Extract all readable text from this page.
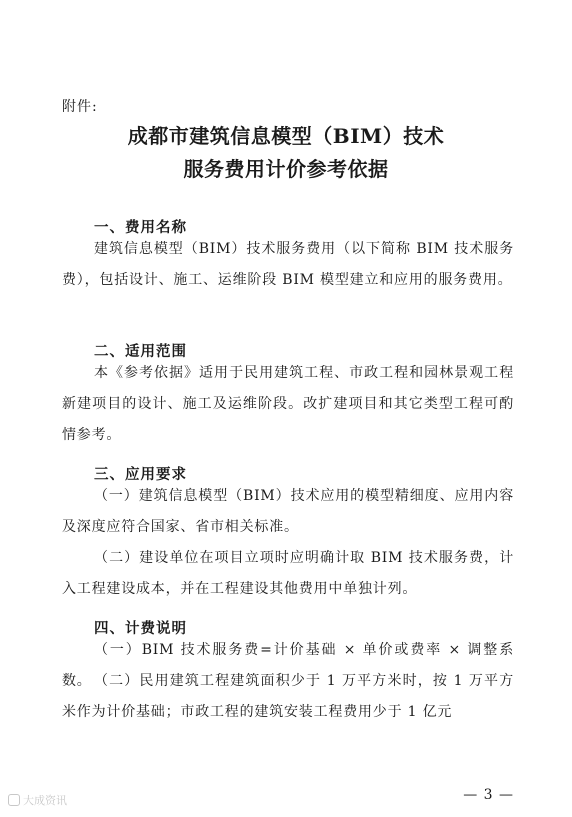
附件:
成都市建筑信息模型（BIM）技术
服务费用计价参考依据
一、费用名称

建筑信息模型（BIM）技术服务费用（以下简称 BIM 技术服务费），包括设计、施工、运维阶段 BIM 模型建立和应用的服务费用。

二、适用范围

本《参考依据》适用于民用建筑工程、市政工程和园林景观工程新建项目的设计、施工及运维阶段。改扩建项目和其它类型工程可酌情参考。

三、应用要求

（一）建筑信息模型（BIM）技术应用的模型精细度、应用内容及深度应符合国家、省市相关标准。

（二）建设单位在项目立项时应明确计取 BIM 技术服务费，计入工程建设成本，并在工程建设其他费用中单独计列。

四、计费说明

（一）BIM 技术服务费=计价基础 × 单价或费率 × 调整系数。 （二）民用建筑工程建筑面积少于 1 万平方米时，按 1 万平方米作为计价基础；市政工程的建筑安装工程费用少于 1 亿元

— 3 —
大成资讯
